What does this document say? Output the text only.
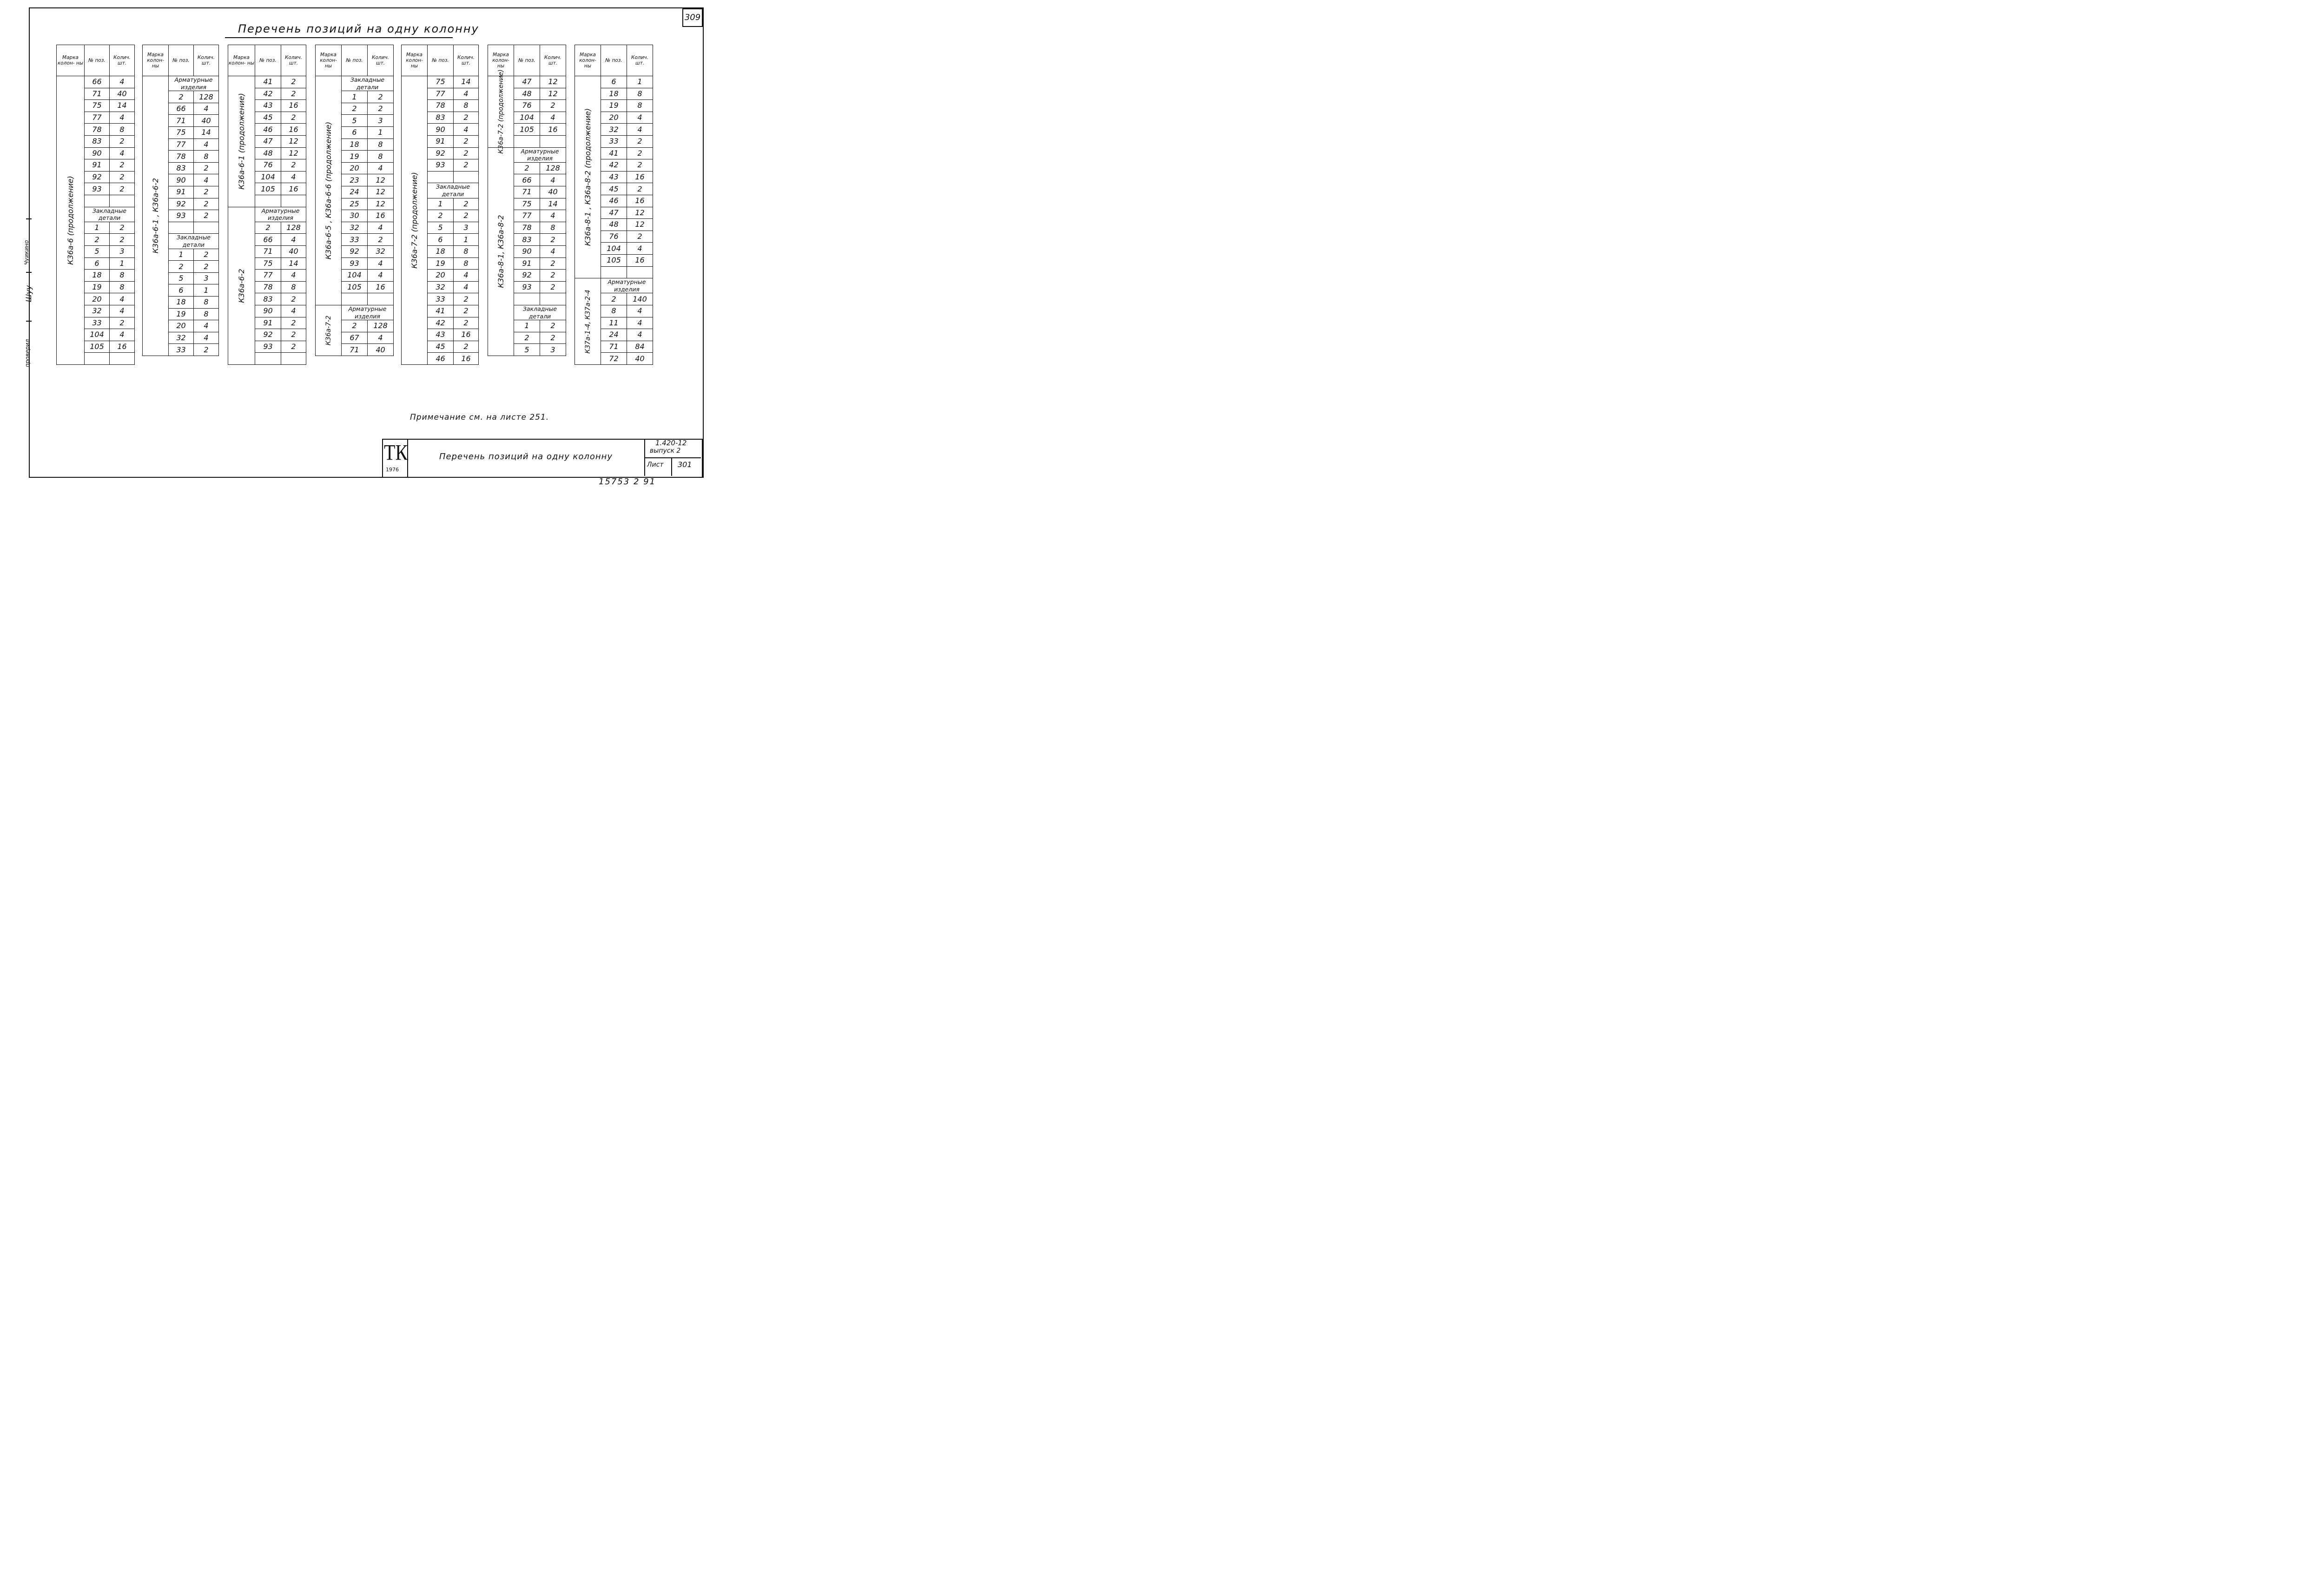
309
Перечень позиций на одну колонну
проверил
Шуу
Чуикино
Марка колон- ны	№ поз.	Колич. шт.

К36а-6 (продолжение)	66	4
	71	40
	75	14
	77	4
	78	8
	83	2
	90	4
	91	2
	92	2
	93	2

	Закладные детали	

	1	2
	2	2
	5	3
	6	1
	18	8
	19	8
	20	4
	32	4
	33	2
	104	4
	105	16

Марка колон- ны	№ поз.	Колич. шт.

К36а-6-1 , К36а-6-2	Арматурные изделия	

	2	128
	66	4
	71	40
	75	14
	77	4
	78	8
	83	2
	90	4
	91	2
	92	2
	93	2

	Закладные детали	

	1	2
	2	2
	5	3
	6	1
	18	8
	19	8
	20	4
	32	4
	33	2
Марка колон- ны	№ поз.	Колич. шт.

К36а-6-1 (продолжение)	41	2
	42	2
	43	16
	45	2
	46	16
	47	12
	48	12
	76	2
	104	4
	105	16

К36а-6-2	Арматурные изделия	

	2	128
	66	4
	71	40
	75	14
	77	4
	78	8
	83	2
	90	4
	91	2
	92	2
	93	2

Марка колон- ны	№ поз.	Колич. шт.

К36а-6-5 , К36а-6-6 (продолжение)	Закладные детали	

	1	2
	2	2
	5	3
	6	1
	18	8
	19	8
	20	4
	23	12
	24	12
	25	12
	30	16
	32	4
	33	2
	92	32
	93	4
	104	4
	105	16

К36а-7-2	Арматурные изделия	

	2	128
	67	4
	71	40
Марка колон- ны	№ поз.	Колич. шт.

К36а-7-2 (продолжение)	75	14
	77	4
	78	8
	83	2
	90	4
	91	2
	92	2
	93	2

	Закладные детали	

	1	2
	2	2
	5	3
	6	1
	18	8
	19	8
	20	4
	32	4
	33	2
	41	2
	42	2
	43	16
	45	2
	46	16
Марка колон- ны	№ поз.	Колич. шт.

К36а-7-2 (продолжение)	47	12
	48	12
	76	2
	104	4
	105	16

К36а-8-1, К36а-8-2	Арматурные изделия	

	2	128
	66	4
	71	40
	75	14
	77	4
	78	8
	83	2
	90	4
	91	2
	92	2
	93	2

	Закладные детали	

	1	2
	2	2
	5	3
Марка колон- ны	№ поз.	Колич. шт.

К36а-8-1 , К36а-8-2 (продолжение)	6	1
	18	8
	19	8
	20	4
	32	4
	33	2
	41	2
	42	2
	43	16
	45	2
	46	16
	47	12
	48	12
	76	2
	104	4
	105	16

К37а-1-4, К37а-2-4	Арматурные изделия	

	2	140
	8	4
	11	4
	24	4
	71	84
	72	40
Примечание см. на листе 251.
ТК
1976
Перечень позиций на одну колонну
1.420-12
выпуск 2
Лист 301
15753 2 91
